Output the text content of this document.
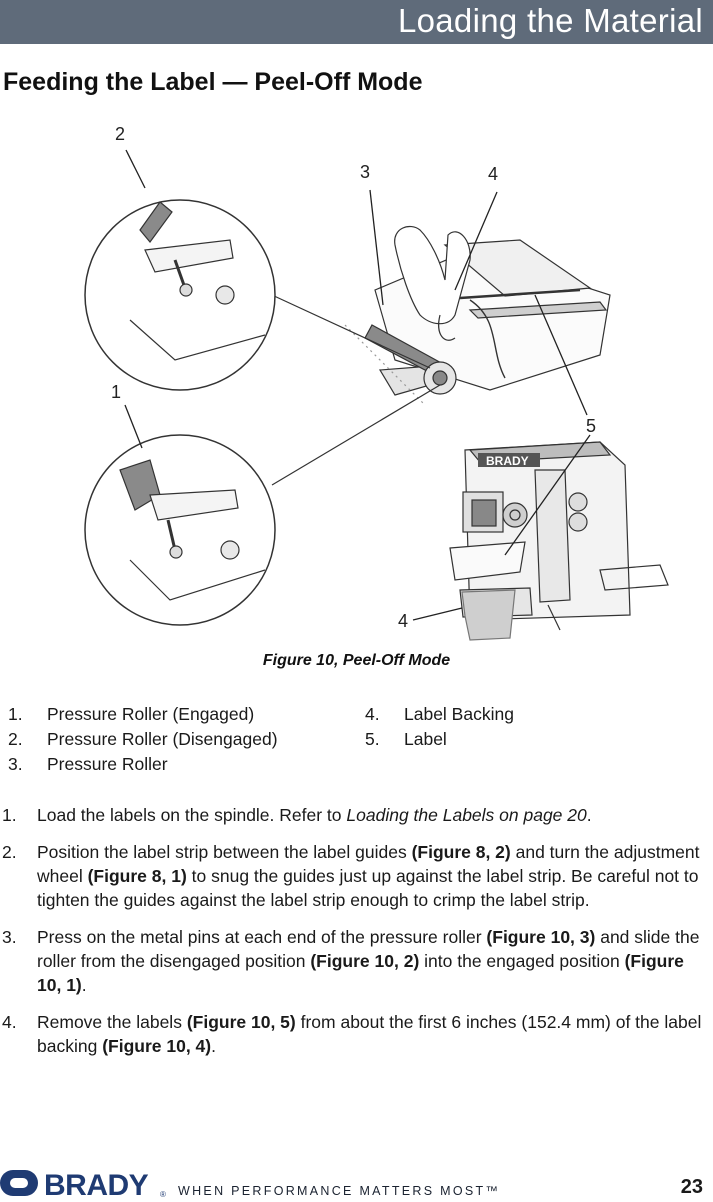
Loading the Material
Feeding the Label — Peel-Off Mode
BRADY
2
3	4
1
5
4
Figure 10, Peel-Off Mode
1.	Pressure Roller (Engaged)
2.	Pressure Roller (Disengaged)
3.	Pressure Roller
4.	Label Backing
5.	Label
1. Load the labels on the spindle. Refer to Loading the Labels on page 20.
2. Position the label strip between the label guides (Figure 8, 2) and turn the adjustment wheel (Figure 8, 1) to snug the guides just up against the label strip. Be careful not to tighten the guides against the label strip enough to crimp the label strip.
3. Press on the metal pins at each end of the pressure roller (Figure 10, 3) and slide the roller from the disengaged position (Figure 10, 2) into the engaged position (Figure 10, 1).
4. Remove the labels (Figure 10, 5) from about the first 6 inches (152.4 mm) of the label backing (Figure 10, 4).
BRADY ® WHEN PERFORMANCE MATTERS MOST™	23
